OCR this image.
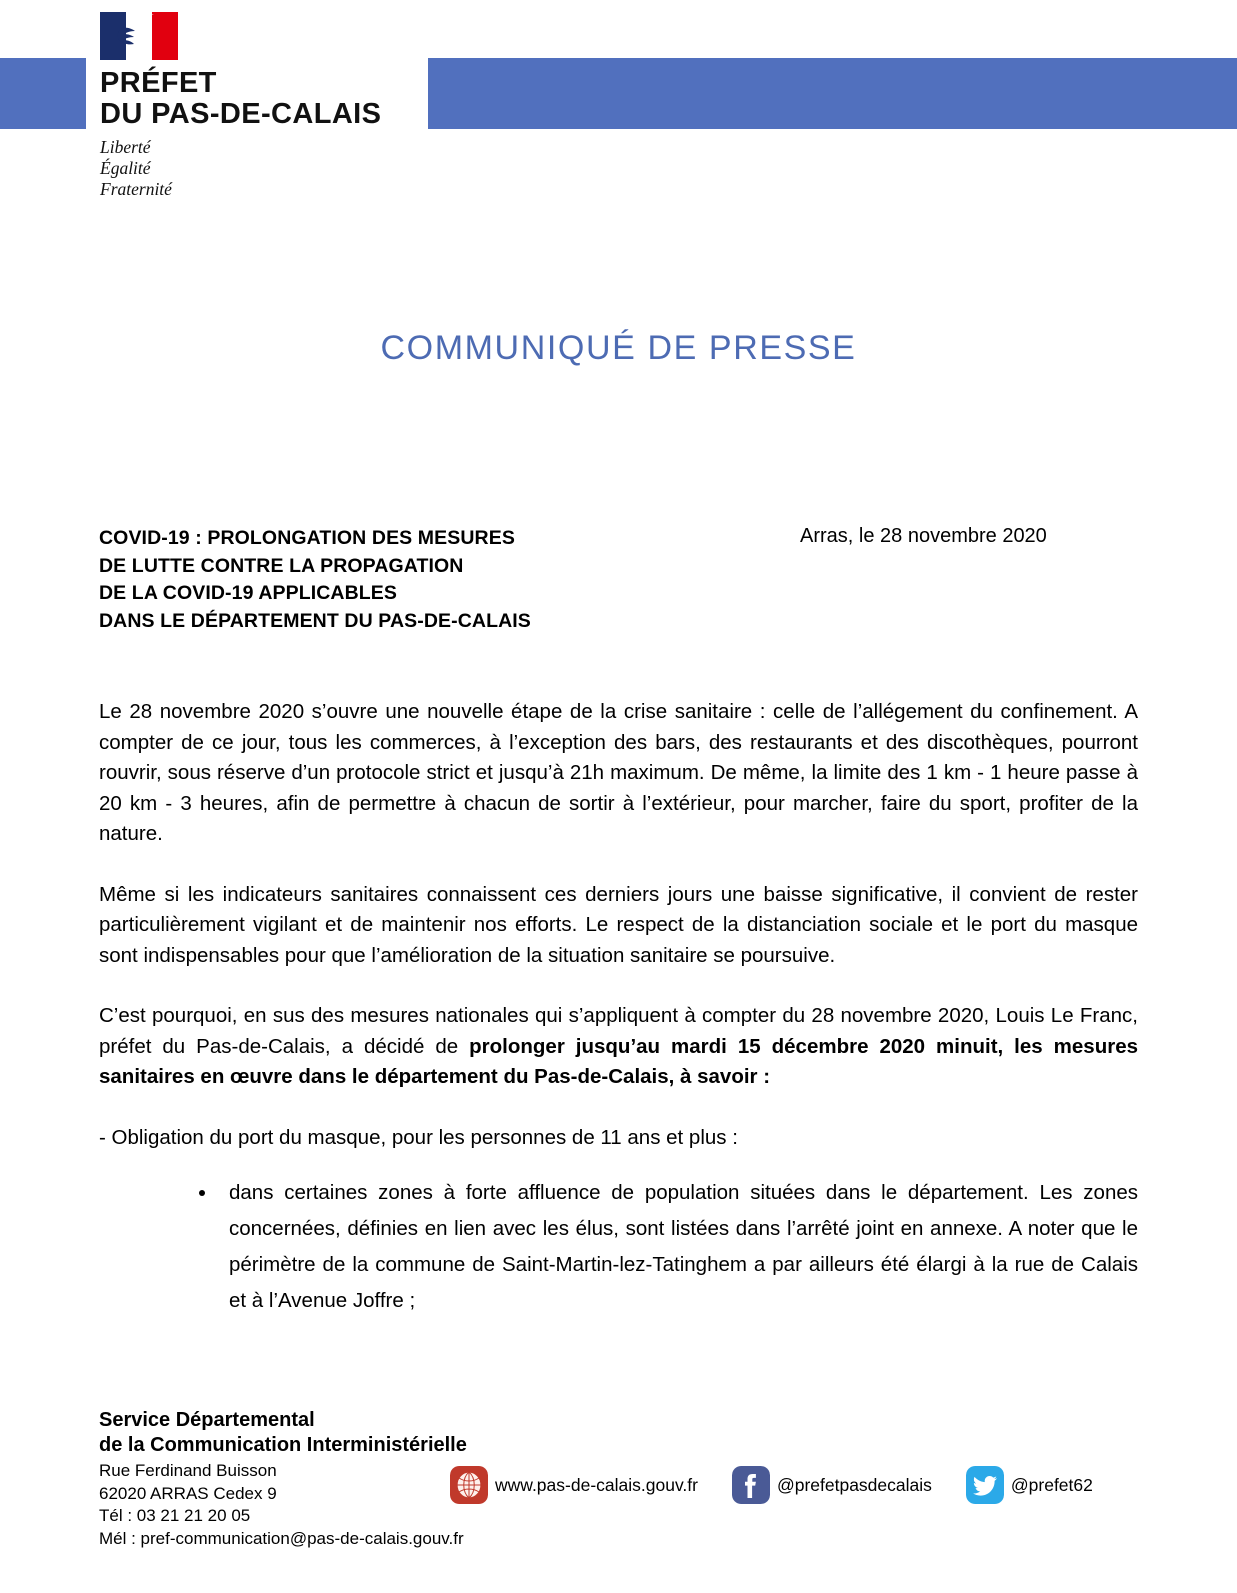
PRÉFET
DU PAS-DE-CALAIS
Liberté
Égalité
Fraternité
COMMUNIQUÉ DE PRESSE
COVID-19 : PROLONGATION DES MESURES
DE LUTTE CONTRE LA PROPAGATION
DE LA COVID-19 APPLICABLES
DANS LE DÉPARTEMENT DU PAS-DE-CALAIS
Arras, le 28 novembre 2020

Le 28 novembre 2020 s’ouvre une nouvelle étape de la crise sanitaire : celle de l’allégement du confinement. A compter de ce jour, tous les commerces, à l’exception des bars, des restaurants et des discothèques, pourront rouvrir, sous réserve d’un protocole strict et jusqu’à 21h maximum. De même, la limite des 1 km - 1 heure passe à 20 km - 3 heures, afin de permettre à chacun de sortir à l’extérieur, pour marcher, faire du sport, profiter de la nature.

Même si les indicateurs sanitaires connaissent ces derniers jours une baisse significative, il convient de rester particulièrement vigilant et de maintenir nos efforts. Le respect de la distanciation sociale et le port du masque sont indispensables pour que l’amélioration de la situation sanitaire se poursuive.

C’est pourquoi, en sus des mesures nationales qui s’appliquent à compter du 28 novembre 2020, Louis Le Franc, préfet du Pas-de-Calais, a décidé de prolonger jusqu’au mardi 15 décembre 2020 minuit, les mesures sanitaires en œuvre dans le département du Pas-de-Calais, à savoir :

- Obligation du port du masque, pour les personnes de 11 ans et plus :

dans certaines zones à forte affluence de population situées dans le département. Les zones concernées, définies en lien avec les élus, sont listées dans l’arrêté joint en annexe. A noter que le périmètre de la commune de Saint-Martin-lez-Tatinghem a par ailleurs été élargi à la rue de Calais et à l’Avenue Joffre ;
Service Départemental
de la Communication Interministérielle
Rue Ferdinand Buisson
62020 ARRAS Cedex 9
Tél : 03 21 21 20 05
Mél : pref-communication@pas-de-calais.gouv.fr
www.pas-de-calais.gouv.fr	@prefetpasdecalais	@prefet62
